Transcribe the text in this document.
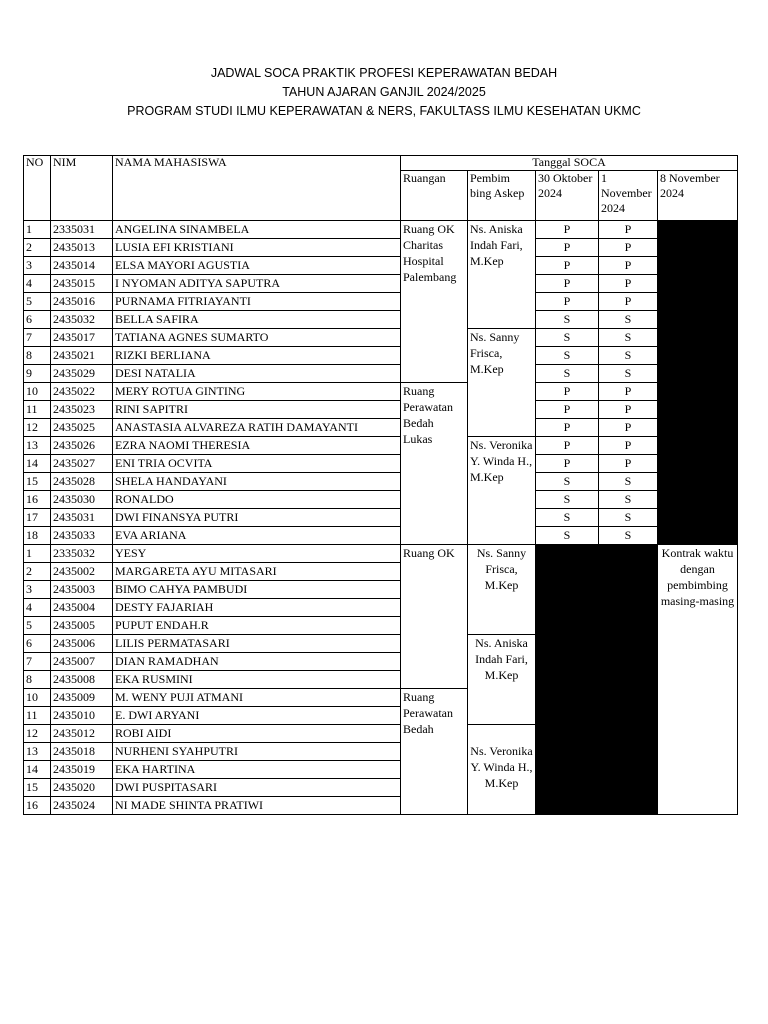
JADWAL SOCA PRAKTIK PROFESI KEPERAWATAN BEDAH
TAHUN AJARAN GANJIL 2024/2025
PROGRAM STUDI ILMU KEPERAWATAN & NERS, FAKULTASS ILMU KESEHATAN UKMC
NO	NIM	NAMA MAHASISWA	Tanggal SOCA				
			Ruangan	Pembim bing Askep	30 Oktober 2024	1 November 2024	8 November 2024
1	2335031	ANGELINA SINAMBELA	Ruang OK Charitas Hospital Palembang	Ns. Aniska Indah Fari, M.Kep	P	P	
2	2435013	LUSIA EFI KRISTIANI			P	P	
3	2435014	ELSA MAYORI AGUSTIA			P	P	
4	2435015	I NYOMAN ADITYA SAPUTRA			P	P	
5	2435016	PURNAMA FITRIAYANTI			P	P	
6	2435032	BELLA SAFIRA			S	S	
7	2435017	TATIANA AGNES SUMARTO		Ns. Sanny Frisca, M.Kep	S	S	
8	2435021	RIZKI BERLIANA			S	S	
9	2435029	DESI NATALIA			S	S	
10	2435022	MERY ROTUA GINTING	Ruang Perawatan Bedah Lukas		P	P	
11	2435023	RINI SAPITRI			P	P	
12	2435025	ANASTASIA ALVAREZA RATIH DAMAYANTI			P	P	
13	2435026	EZRA NAOMI THERESIA		Ns. Veronika Y. Winda H., M.Kep	P	P	
14	2435027	ENI TRIA OCVITA			P	P	
15	2435028	SHELA HANDAYANI			S	S	
16	2435030	RONALDO			S	S	
17	2435031	DWI FINANSYA PUTRI			S	S	
18	2435033	EVA ARIANA			S	S	
1	2335032	YESY	Ruang OK	Ns. Sanny Frisca, M.Kep			Kontrak waktu dengan pembimbing masing-masing
2	2435002	MARGARETA AYU MITASARI					
3	2435003	BIMO CAHYA PAMBUDI					
4	2435004	DESTY FAJARIAH					
5	2435005	PUPUT ENDAH.R					
6	2435006	LILIS PERMATASARI		Ns. Aniska Indah Fari, M.Kep			
7	2435007	DIAN RAMADHAN					
8	2435008	EKA RUSMINI					
10	2435009	M. WENY PUJI ATMANI	Ruang Perawatan Bedah				
11	2435010	E. DWI ARYANI					
12	2435012	ROBI AIDI		Ns. Veronika Y. Winda H., M.Kep			
13	2435018	NURHENI SYAHPUTRI					
14	2435019	EKA HARTINA					
15	2435020	DWI PUSPITASARI					
16	2435024	NI MADE SHINTA PRATIWI					
